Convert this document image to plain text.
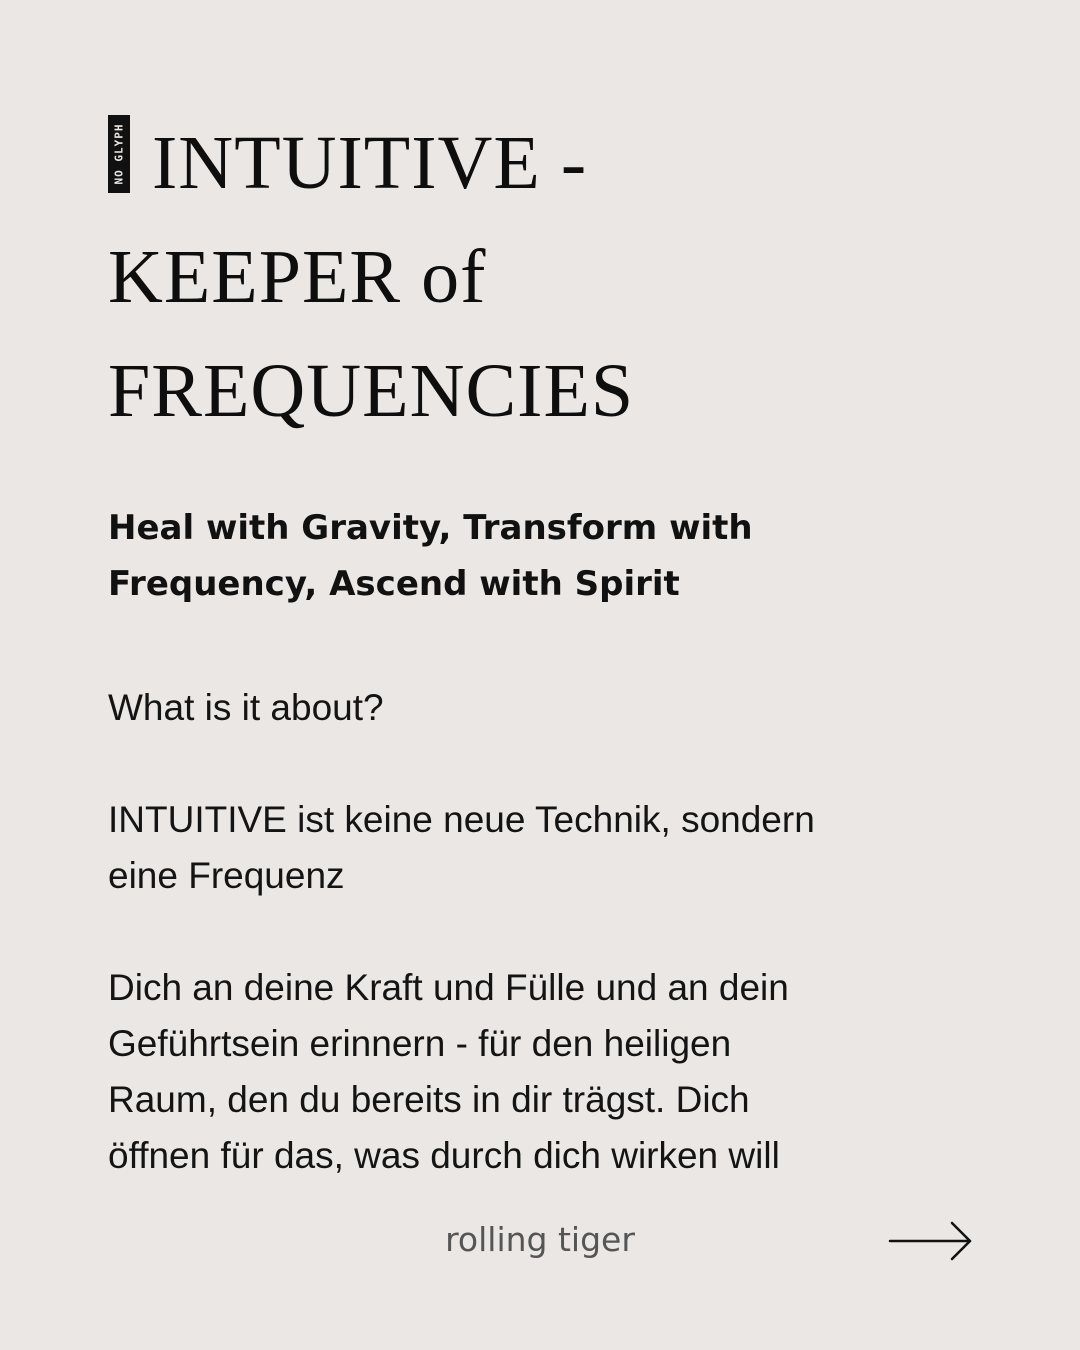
NO GLYPH INTUITIVE -
KEEPER of
FREQUENCIES

Heal with Gravity, Transform with
Frequency, Ascend with Spirit

What is it about?

INTUITIVE ist keine neue Technik, sondern
eine Frequenz

Dich an deine Kraft und Fülle und an dein
Geführtsein erinnern - für den heiligen
Raum, den du bereits in dir trägst. Dich
öffnen für das, was durch dich wirken will

rolling tiger
